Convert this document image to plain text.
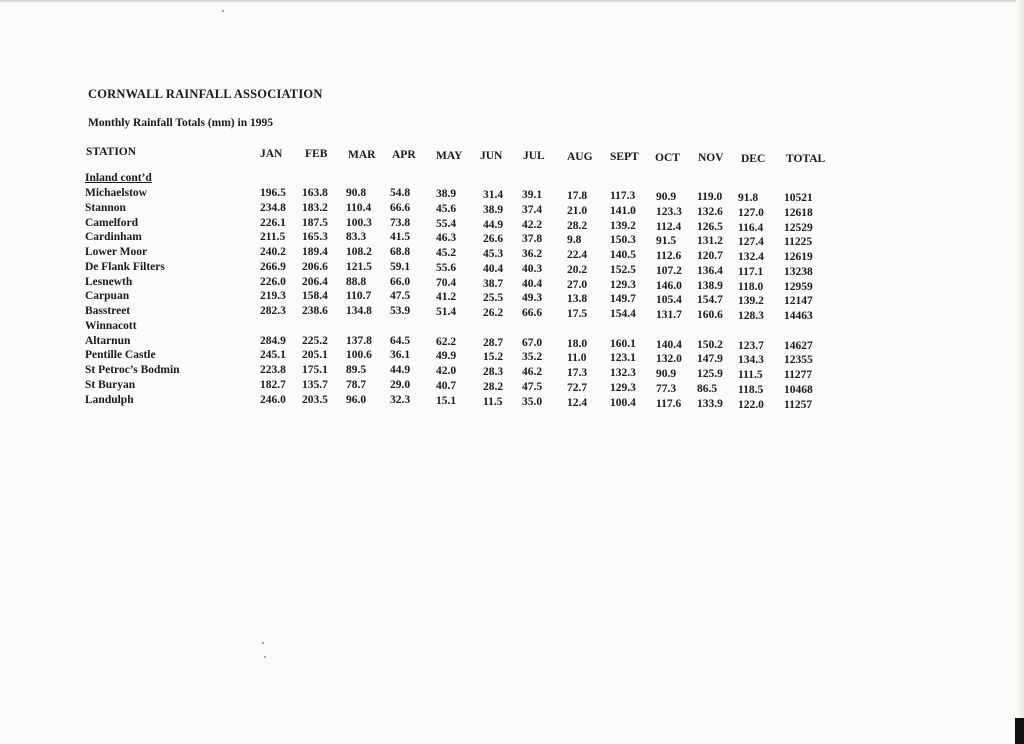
CORNWALL RAINFALL ASSOCIATION
Monthly Rainfall Totals (mm) in 1995
STATION	JAN FEB MAR APR MAY JUN JUL AUG SEPT OCT NOV DEC TOTAL
Inland cont’d
Michaelstow	196.5 163.8 90.8 54.8 38.9 31.4 39.1 17.8 117.3 90.9 119.0 91.8 10521
Stannon	234.8 183.2 110.4 66.6 45.6 38.9 37.4 21.0 141.0 123.3 132.6 127.0 12618
Camelford	226.1 187.5 100.3 73.8 55.4 44.9 42.2 28.2 139.2 112.4 126.5 116.4 12529
Cardinham	211.5 165.3 83.3 41.5 46.3 26.6 37.8 9.8 150.3 91.5 131.2 127.4 11225
Lower Moor	240.2 189.4 108.2 68.8 45.2 45.3 36.2 22.4 140.5 112.6 120.7 132.4 12619
De Flank Filters	266.9 206.6 121.5 59.1 55.6 40.4 40.3 20.2 152.5 107.2 136.4 117.1 13238
Lesnewth	226.0 206.4 88.8 66.0 70.4 38.7 40.4 27.0 129.3 146.0 138.9 118.0 12959
Carpuan	219.3 158.4 110.7 47.5 41.2 25.5 49.3 13.8 149.7 105.4 154.7 139.2 12147
Basstreet	282.3 238.6 134.8 53.9 51.4 26.2 66.6 17.5 154.4 131.7 160.6 128.3 14463
Winnacott
Altarnun	284.9 225.2 137.8 64.5 62.2 28.7 67.0 18.0 160.1 140.4 150.2 123.7 14627
Pentille Castle	245.1 205.1 100.6 36.1 49.9 15.2 35.2 11.0 123.1 132.0 147.9 134.3 12355
St Petroc’s Bodmin	223.8 175.1 89.5 44.9 42.0 28.3 46.2 17.3 132.3 90.9 125.9 111.5 11277
St Buryan	182.7 135.7 78.7 29.0 40.7 28.2 47.5 72.7 129.3 77.3 86.5 118.5 10468
Landulph	246.0 203.5 96.0 32.3 15.1 11.5 35.0 12.4 100.4 117.6 133.9 122.0 11257
